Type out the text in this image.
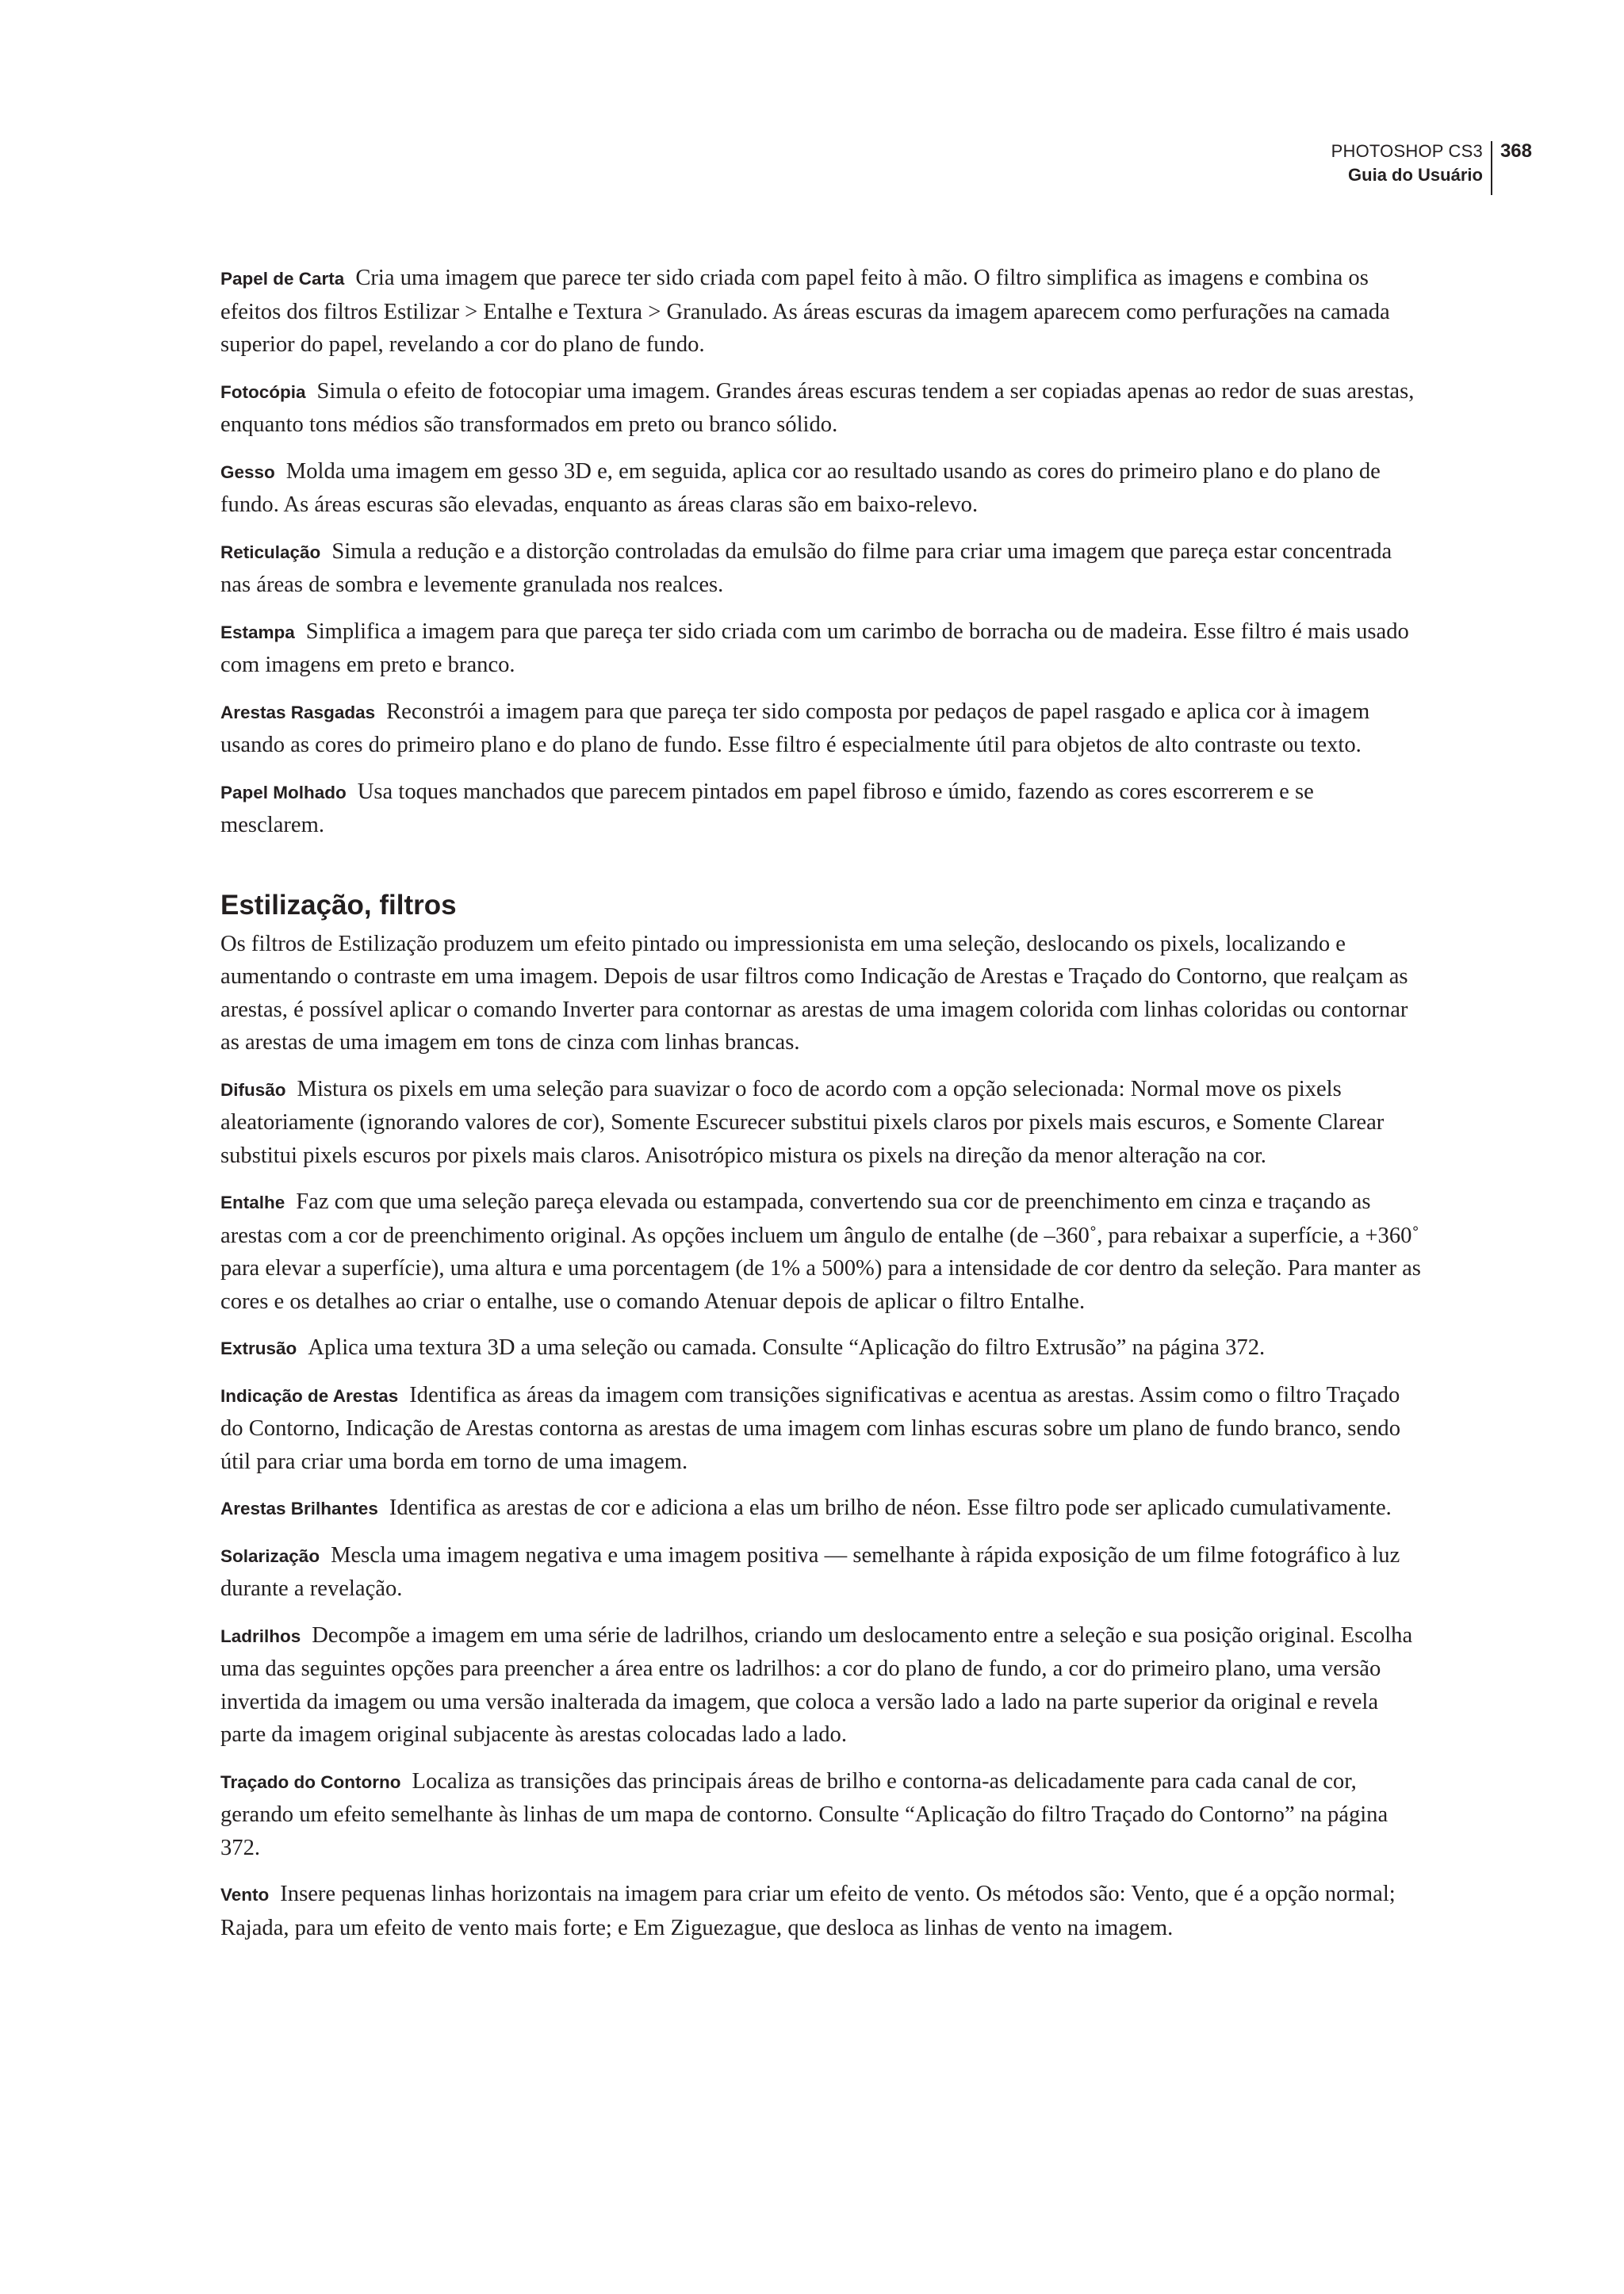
PHOTOSHOP CS3
Guia do Usuário
368

Papel de Carta Cria uma imagem que parece ter sido criada com papel feito à mão. O filtro simplifica as imagens e combina os efeitos dos filtros Estilizar > Entalhe e Textura > Granulado. As áreas escuras da imagem aparecem como perfurações na camada superior do papel, revelando a cor do plano de fundo.

Fotocópia Simula o efeito de fotocopiar uma imagem. Grandes áreas escuras tendem a ser copiadas apenas ao redor de suas arestas, enquanto tons médios são transformados em preto ou branco sólido.

Gesso Molda uma imagem em gesso 3D e, em seguida, aplica cor ao resultado usando as cores do primeiro plano e do plano de fundo. As áreas escuras são elevadas, enquanto as áreas claras são em baixo-relevo.

Reticulação Simula a redução e a distorção controladas da emulsão do filme para criar uma imagem que pareça estar concentrada nas áreas de sombra e levemente granulada nos realces.

Estampa Simplifica a imagem para que pareça ter sido criada com um carimbo de borracha ou de madeira. Esse filtro é mais usado com imagens em preto e branco.

Arestas Rasgadas Reconstrói a imagem para que pareça ter sido composta por pedaços de papel rasgado e aplica cor à imagem usando as cores do primeiro plano e do plano de fundo. Esse filtro é especialmente útil para objetos de alto contraste ou texto.

Papel Molhado Usa toques manchados que parecem pintados em papel fibroso e úmido, fazendo as cores escorrerem e se mesclarem.

Estilização, filtros

Os filtros de Estilização produzem um efeito pintado ou impressionista em uma seleção, deslocando os pixels, localizando e aumentando o contraste em uma imagem. Depois de usar filtros como Indicação de Arestas e Traçado do Contorno, que realçam as arestas, é possível aplicar o comando Inverter para contornar as arestas de uma imagem colorida com linhas coloridas ou contornar as arestas de uma imagem em tons de cinza com linhas brancas.

Difusão Mistura os pixels em uma seleção para suavizar o foco de acordo com a opção selecionada: Normal move os pixels aleatoriamente (ignorando valores de cor), Somente Escurecer substitui pixels claros por pixels mais escuros, e Somente Clarear substitui pixels escuros por pixels mais claros. Anisotrópico mistura os pixels na direção da menor alteração na cor.

Entalhe Faz com que uma seleção pareça elevada ou estampada, convertendo sua cor de preenchimento em cinza e traçando as arestas com a cor de preenchimento original. As opções incluem um ângulo de entalhe (de –360˚, para rebaixar a superfície, a +360˚ para elevar a superfície), uma altura e uma porcentagem (de 1% a 500%) para a intensidade de cor dentro da seleção. Para manter as cores e os detalhes ao criar o entalhe, use o comando Atenuar depois de aplicar o filtro Entalhe.

Extrusão Aplica uma textura 3D a uma seleção ou camada. Consulte “Aplicação do filtro Extrusão” na página 372.

Indicação de Arestas Identifica as áreas da imagem com transições significativas e acentua as arestas. Assim como o filtro Traçado do Contorno, Indicação de Arestas contorna as arestas de uma imagem com linhas escuras sobre um plano de fundo branco, sendo útil para criar uma borda em torno de uma imagem.

Arestas Brilhantes Identifica as arestas de cor e adiciona a elas um brilho de néon. Esse filtro pode ser aplicado cumulativamente.

Solarização Mescla uma imagem negativa e uma imagem positiva — semelhante à rápida exposição de um filme fotográfico à luz durante a revelação.

Ladrilhos Decompõe a imagem em uma série de ladrilhos, criando um deslocamento entre a seleção e sua posição original. Escolha uma das seguintes opções para preencher a área entre os ladrilhos: a cor do plano de fundo, a cor do primeiro plano, uma versão invertida da imagem ou uma versão inalterada da imagem, que coloca a versão lado a lado na parte superior da original e revela parte da imagem original subjacente às arestas colocadas lado a lado.

Traçado do Contorno Localiza as transições das principais áreas de brilho e contorna-as delicadamente para cada canal de cor, gerando um efeito semelhante às linhas de um mapa de contorno. Consulte “Aplicação do filtro Traçado do Contorno” na página 372.

Vento Insere pequenas linhas horizontais na imagem para criar um efeito de vento. Os métodos são: Vento, que é a opção normal; Rajada, para um efeito de vento mais forte; e Em Ziguezague, que desloca as linhas de vento na imagem.
